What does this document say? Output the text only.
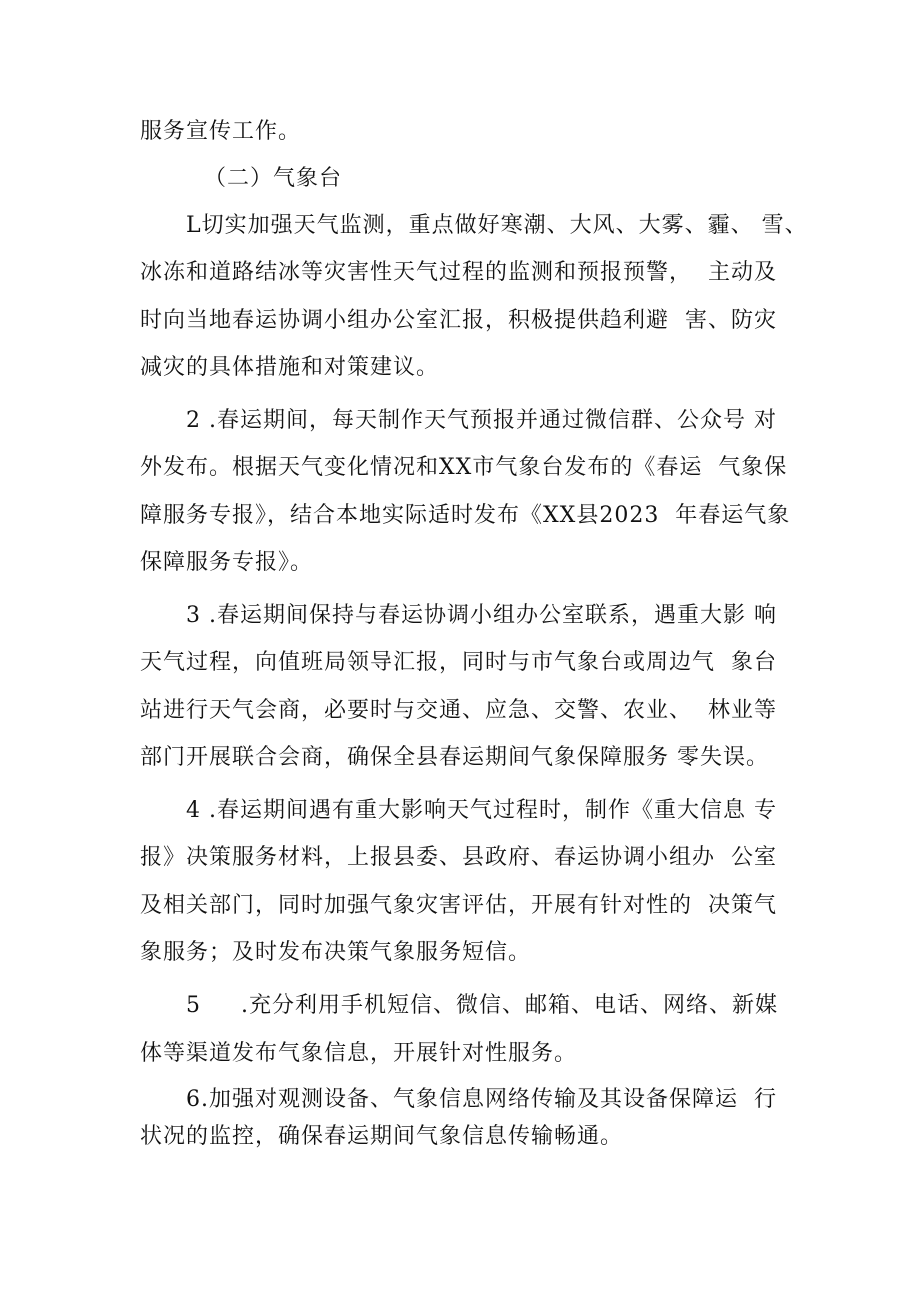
服务宣传工作。

（二）气象台

L切实加强天气监测，重点做好寒潮、大风、大雾、霾、 雪、

冰冻和道路结冰等灾害性天气过程的监测和预报预警，  主动及

时向当地春运协调小组办公室汇报，积极提供趋利避  害、防灾

减灾的具体措施和对策建议。

2 .春运期间，每天制作天气预报并通过微信群、公众号 对

外发布。根据天气变化情况和XX市气象台发布的《春运  气象保

障服务专报》，结合本地实际适时发布《XX县2023  年春运气象

保障服务专报》。

3 .春运期间保持与春运协调小组办公室联系，遇重大影 响

天气过程，向值班局领导汇报，同时与市气象台或周边气  象台

站进行天气会商，必要时与交通、应急、交警、农业、  林业等

部门开展联合会商，确保全县春运期间气象保障服务 零失误。

4 .春运期间遇有重大影响天气过程时，制作《重大信息 专

报》决策服务材料，上报县委、县政府、春运协调小组办  公室

及相关部门，同时加强气象灾害评估，开展有针对性的  决策气

象服务；及时发布决策气象服务短信。

5     .充分利用手机短信、微信、邮箱、电话、网络、新媒

体等渠道发布气象信息，开展针对性服务。

6.加强对观测设备、气象信息网络传输及其设备保障运  行

状况的监控，确保春运期间气象信息传输畅通。
